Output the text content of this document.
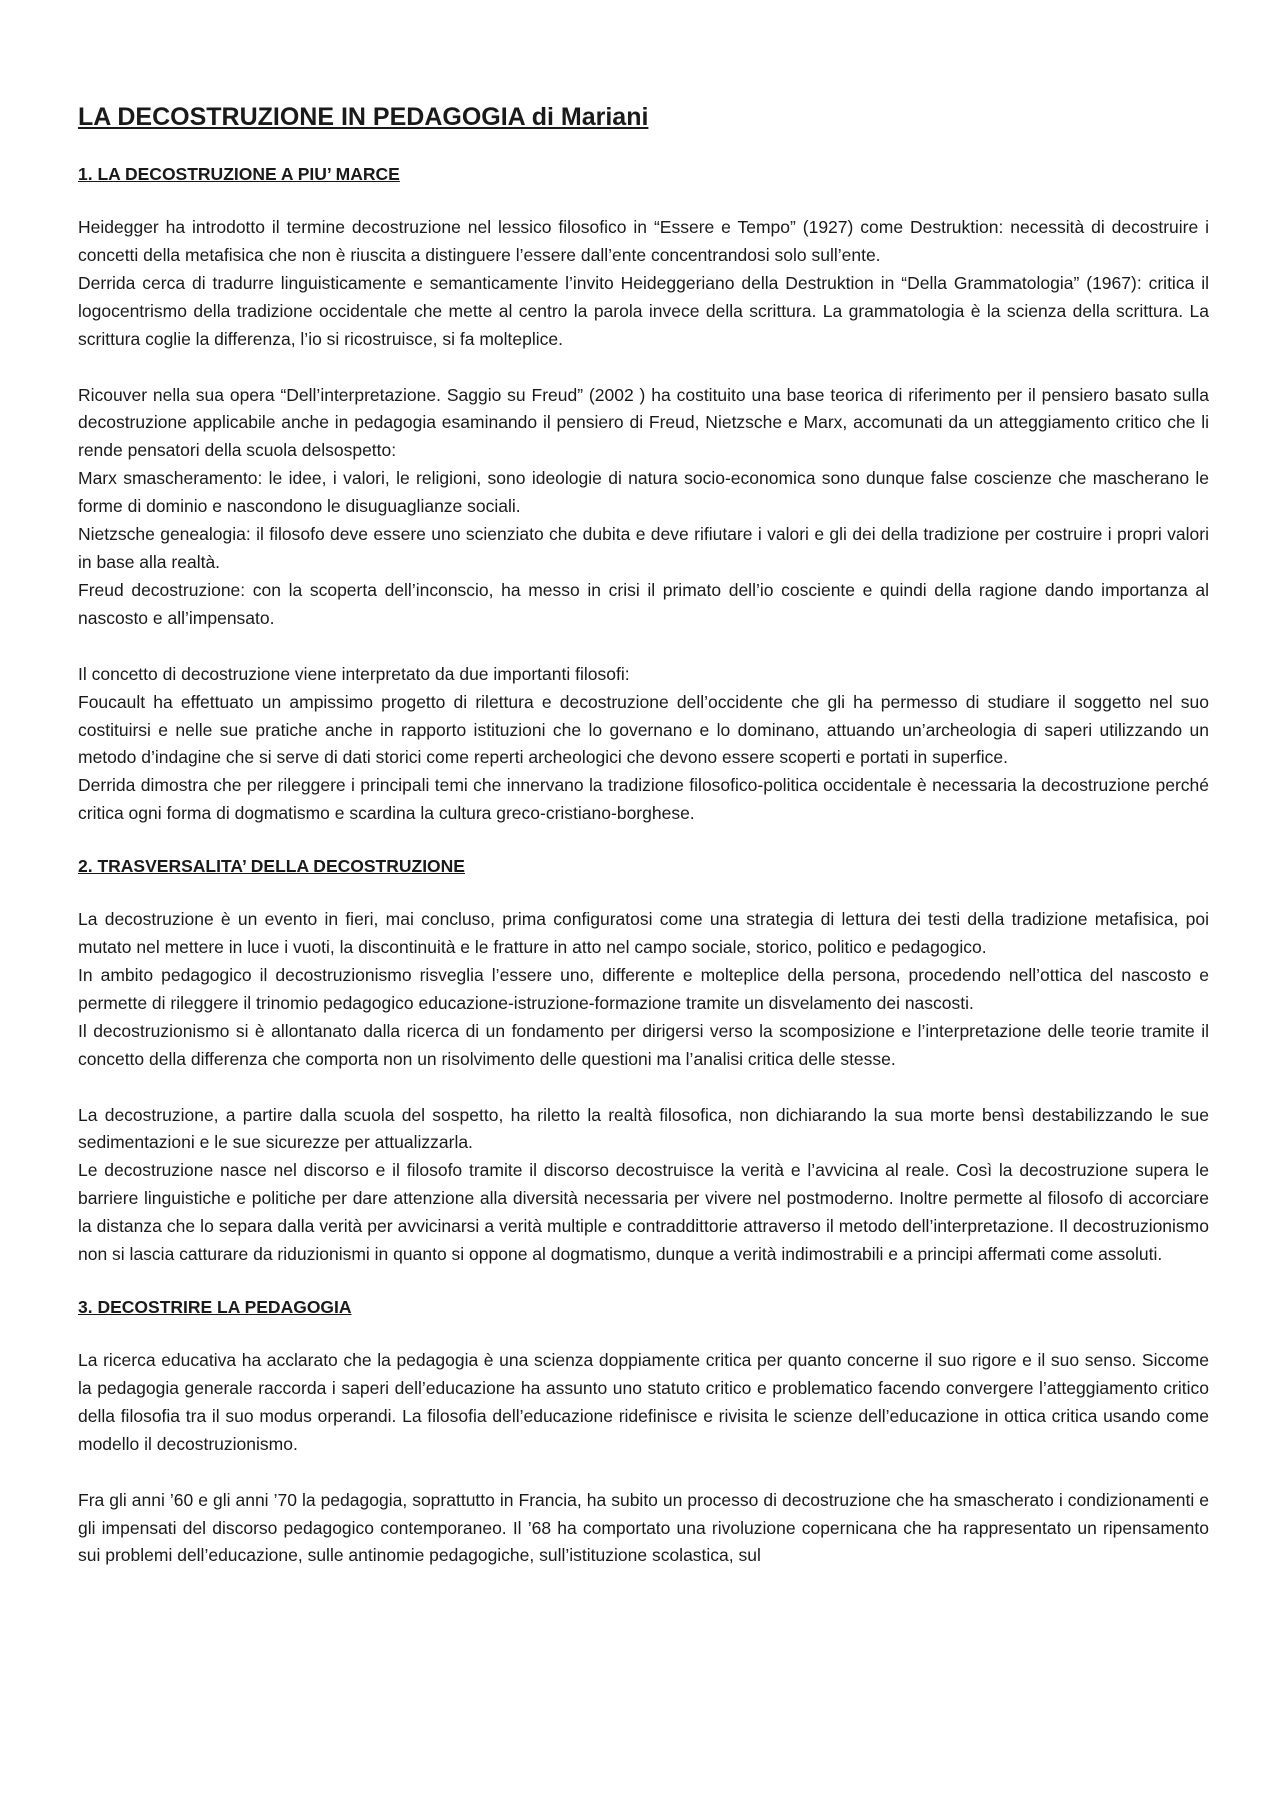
LA DECOSTRUZIONE IN PEDAGOGIA di Mariani
1. LA DECOSTRUZIONE A PIU’ MARCE

Heidegger ha introdotto il termine decostruzione nel lessico filosofico in “Essere e Tempo” (1927) come Destruktion: necessità di decostruire i concetti della metafisica che non è riuscita a distinguere l’essere dall’ente concentrandosi solo sull’ente.

Derrida cerca di tradurre linguisticamente e semanticamente l’invito Heideggeriano della Destruktion in “Della Grammatologia” (1967): critica il logocentrismo della tradizione occidentale che mette al centro la parola invece della scrittura. La grammatologia è la scienza della scrittura. La scrittura coglie la differenza, l’io si ricostruisce, si fa molteplice.

Ricouver nella sua opera “Dell’interpretazione. Saggio su Freud” (2002 ) ha costituito una base teorica di riferimento per il pensiero basato sulla decostruzione applicabile anche in pedagogia esaminando il pensiero di Freud, Nietzsche e Marx, accomunati da un atteggiamento critico che li rende pensatori della scuola delsospetto:

Marx smascheramento: le idee, i valori, le religioni, sono ideologie di natura socio-economica sono dunque false coscienze che mascherano le forme di dominio e nascondono le disuguaglianze sociali.

Nietzsche genealogia: il filosofo deve essere uno scienziato che dubita e deve rifiutare i valori e gli dei della tradizione per costruire i propri valori in base alla realtà.

Freud decostruzione: con la scoperta dell’inconscio, ha messo in crisi il primato dell’io cosciente e quindi della ragione dando importanza al nascosto e all’impensato.

Il concetto di decostruzione viene interpretato da due importanti filosofi:

Foucault ha effettuato un ampissimo progetto di rilettura e decostruzione dell’occidente che gli ha permesso di studiare il soggetto nel suo costituirsi e nelle sue pratiche anche in rapporto istituzioni che lo governano e lo dominano, attuando un’archeologia di saperi utilizzando un metodo d’indagine che si serve di dati storici come reperti archeologici che devono essere scoperti e portati in superfice.

Derrida dimostra che per rileggere i principali temi che innervano la tradizione filosofico-politica occidentale è necessaria la decostruzione perché critica ogni forma di dogmatismo e scardina la cultura greco-cristiano-borghese.

2. TRASVERSALITA’ DELLA DECOSTRUZIONE

La decostruzione è un evento in fieri, mai concluso, prima configuratosi come una strategia di lettura dei testi della tradizione metafisica, poi mutato nel mettere in luce i vuoti, la discontinuità e le fratture in atto nel campo sociale, storico, politico e pedagogico.

In ambito pedagogico il decostruzionismo risveglia l’essere uno, differente e molteplice della persona, procedendo nell’ottica del nascosto e permette di rileggere il trinomio pedagogico educazione-istruzione-formazione tramite un disvelamento dei nascosti.

Il decostruzionismo si è allontanato dalla ricerca di un fondamento per dirigersi verso la scomposizione e l’interpretazione delle teorie tramite il concetto della differenza che comporta non un risolvimento delle questioni ma l’analisi critica delle stesse.

La decostruzione, a partire dalla scuola del sospetto, ha riletto la realtà filosofica, non dichiarando la sua morte bensì destabilizzando le sue sedimentazioni e le sue sicurezze per attualizzarla.

Le decostruzione nasce nel discorso e il filosofo tramite il discorso decostruisce la verità e l’avvicina al reale. Così la decostruzione supera le barriere linguistiche e politiche per dare attenzione alla diversità necessaria per vivere nel postmoderno. Inoltre permette al filosofo di accorciare la distanza che lo separa dalla verità per avvicinarsi a verità multiple e contraddittorie attraverso il metodo dell’interpretazione. Il decostruzionismo non si lascia catturare da riduzionismi in quanto si oppone al dogmatismo, dunque a verità indimostrabili e a principi affermati come assoluti.

3. DECOSTRIRE LA PEDAGOGIA

La ricerca educativa ha acclarato che la pedagogia è una scienza doppiamente critica per quanto concerne il suo rigore e il suo senso. Siccome la pedagogia generale raccorda i saperi dell’educazione ha assunto uno statuto critico e problematico facendo convergere l’atteggiamento critico della filosofia tra il suo modus orperandi. La filosofia dell’educazione ridefinisce e rivisita le scienze dell’educazione in ottica critica usando come modello il decostruzionismo.

Fra gli anni ’60 e gli anni ’70 la pedagogia, soprattutto in Francia, ha subito un processo di decostruzione che ha smascherato i condizionamenti e gli impensati del discorso pedagogico contemporaneo. Il ’68 ha comportato una rivoluzione copernicana che ha rappresentato un ripensamento sui problemi dell’educazione, sulle antinomie pedagogiche, sull’istituzione scolastica, sul
